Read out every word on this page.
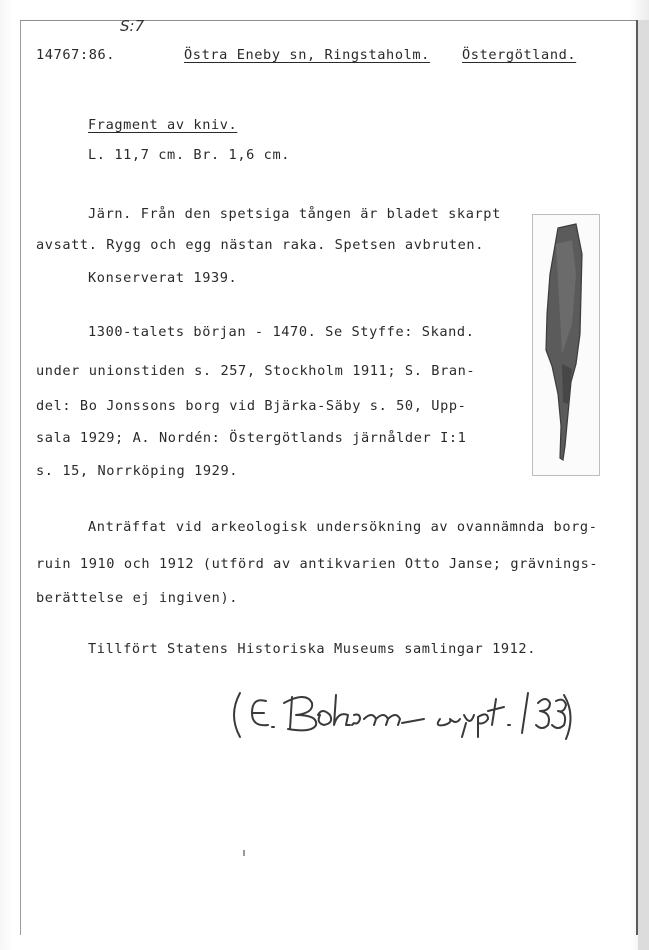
S:7
14767:86.	Östra Eneby sn, Ringstaholm. Östergötland.
Fragment av kniv.
L. 11,7 cm. Br. 1,6 cm.
Järn. Från den spetsiga tången är bladet skarpt
avsatt. Rygg och egg nästan raka. Spetsen avbruten.
Konserverat 1939.
1300-talets början - 1470. Se Styffe: Skand.
under unionstiden s. 257, Stockholm 1911; S. Bran-
del: Bo Jonssons borg vid Bjärka-Säby s. 50, Upp-
sala 1929; A. Nordén: Östergötlands järnålder I:1
s. 15, Norrköping 1929.
Anträffat vid arkeologisk undersökning av ovannämnda borg-
ruin 1910 och 1912 (utförd av antikvarien Otto Janse; grävnings-
berättelse ej ingiven).
Tillfört Statens Historiska Museums samlingar 1912.
